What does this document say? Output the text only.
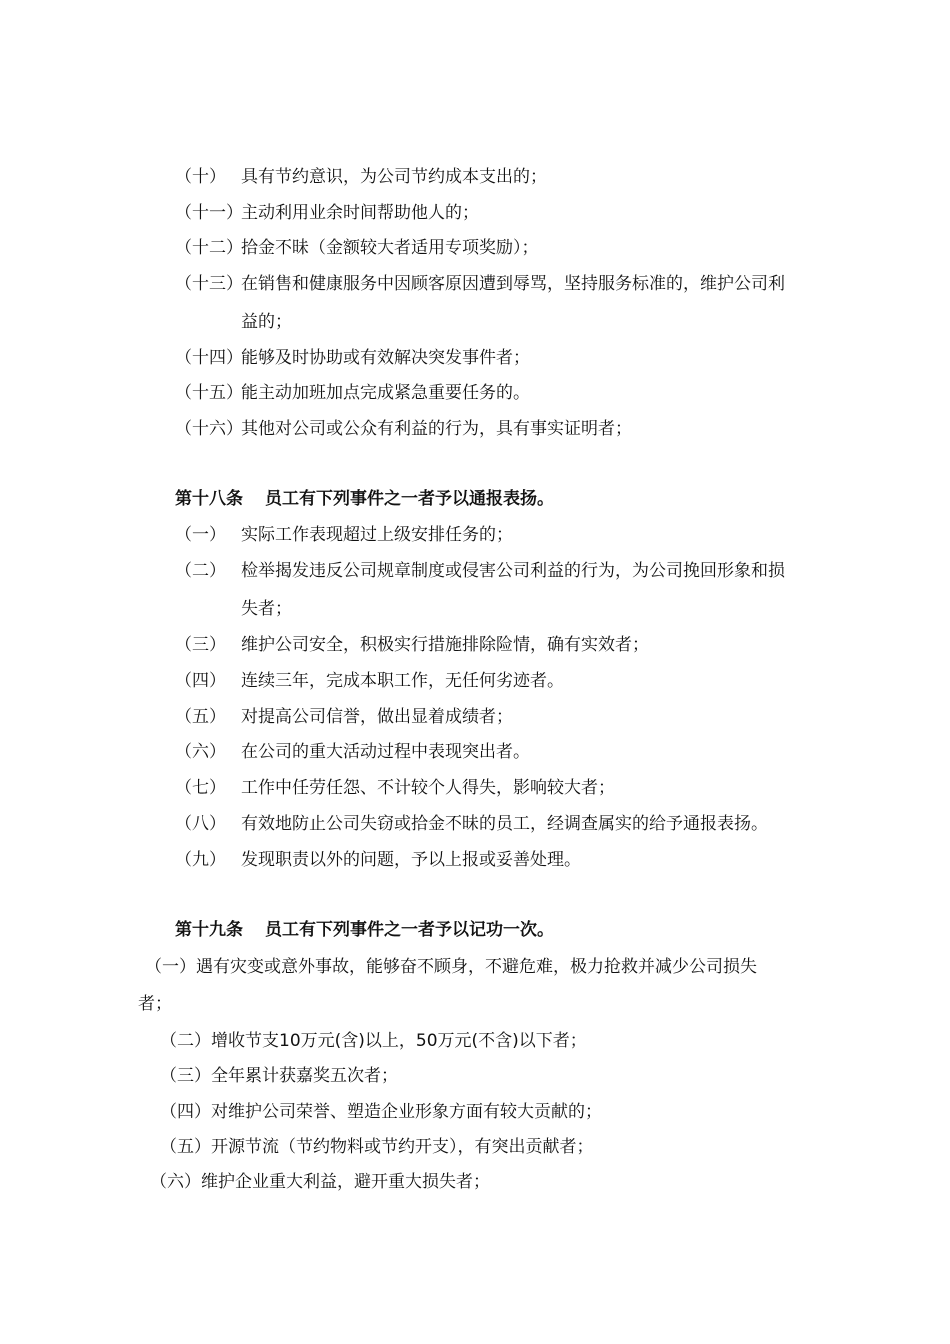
（十） 具有节约意识，为公司节约成本支出的；
（十一）
主动利用业余时间帮助他人的；
（十二）
拾金不昧（金额较大者适用专项奖励）；
（十三）
在销售和健康服务中因顾客原因遭到辱骂，坚持服务标准的，维护公司利
益的；
（十四）
能够及时协助或有效解决突发事件者；
（十五）
能主动加班加点完成紧急重要任务的。
（十六）
其他对公司或公众有利益的行为，具有事实证明者；
第十八条 员工有下列事件之一者予以通报表扬。
（一） 实际工作表现超过上级安排任务的；
（二） 检举揭发违反公司规章制度或侵害公司利益的行为，为公司挽回形象和损
失者；
（三） 维护公司安全，积极实行措施排除险情，确有实效者；
（四） 连续三年，完成本职工作，无任何劣迹者。
（五） 对提高公司信誉，做出显着成绩者；
（六） 在公司的重大活动过程中表现突出者。
（七） 工作中任劳任怨、不计较个人得失，影响较大者；
（八） 有效地防止公司失窃或拾金不昧的员工，经调查属实的给予通报表扬。
（九） 发现职责以外的问题，予以上报或妥善处理。
第十九条 员工有下列事件之一者予以记功一次。
（一）遇有灾变或意外事故，能够奋不顾身，不避危难，极力抢救并减少公司损失
者；
（二）增收节支10万元(含)以上，50万元(不含)以下者；
（三）全年累计获嘉奖五次者；
（四）对维护公司荣誉、塑造企业形象方面有较大贡献的；
（五）开源节流（节约物料或节约开支），有突出贡献者；
（六）维护企业重大利益，避开重大损失者；
